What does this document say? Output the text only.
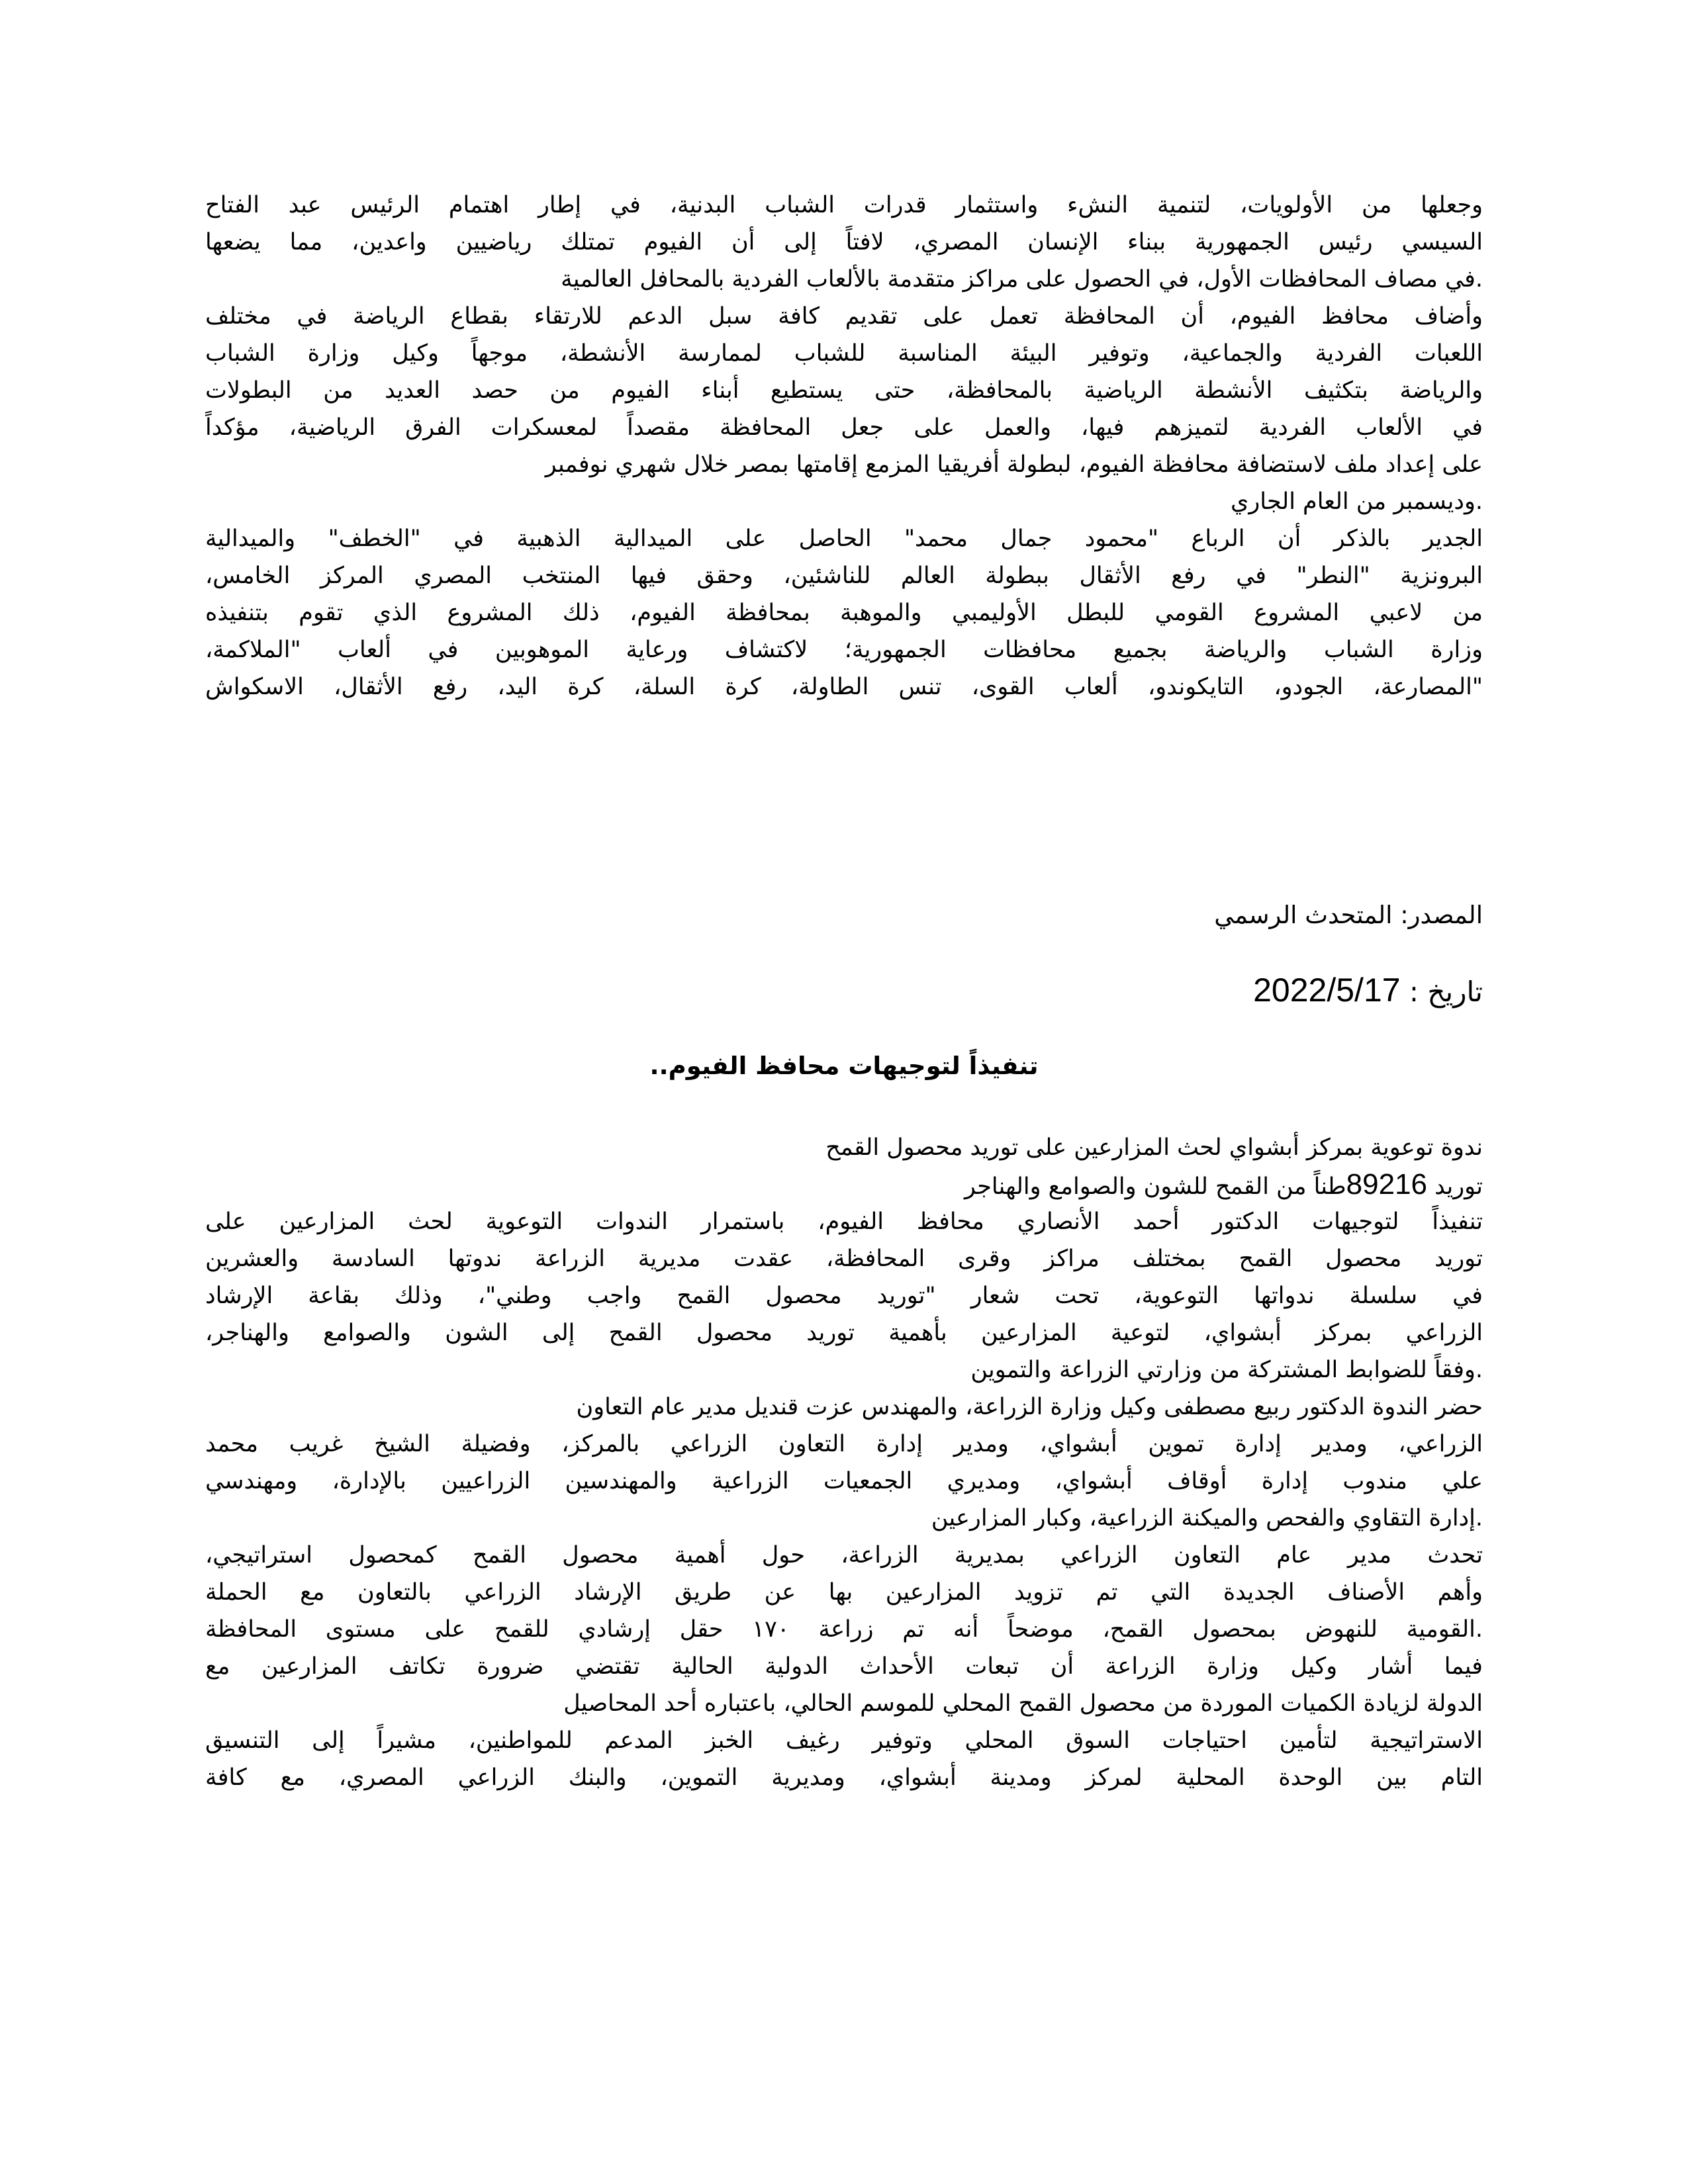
وجعلها من الأولويات، لتنمية النشء واستثمار قدرات الشباب البدنية، في إطار اهتمام الرئيس عبد الفتاح
السيسي رئيس الجمهورية ببناء الإنسان المصري، لافتاً إلى أن الفيوم تمتلك رياضيين واعدين، مما يضعها
.في مصاف المحافظات الأول، في الحصول على مراكز متقدمة بالألعاب الفردية بالمحافل العالمية
وأضاف محافظ الفيوم، أن المحافظة تعمل على تقديم كافة سبل الدعم للارتقاء بقطاع الرياضة في مختلف
اللعبات الفردية والجماعية، وتوفير البيئة المناسبة للشباب لممارسة الأنشطة، موجهاً وكيل وزارة الشباب
والرياضة بتكثيف الأنشطة الرياضية بالمحافظة، حتى يستطيع أبناء الفيوم من حصد العديد من البطولات
في الألعاب الفردية لتميزهم فيها، والعمل على جعل المحافظة مقصداً لمعسكرات الفرق الرياضية، مؤكداً
على إعداد ملف لاستضافة محافظة الفيوم، لبطولة أفريقيا المزمع إقامتها بمصر خلال شهري نوفمبر
.وديسمبر من العام الجاري
الجدير بالذكر أن الرباع "محمود جمال محمد" الحاصل على الميدالية الذهبية في "الخطف" والميدالية
البرونزية "النطر" في رفع الأثقال ببطولة العالم للناشئين، وحقق فيها المنتخب المصري المركز الخامس،
من لاعبي المشروع القومي للبطل الأوليمبي والموهبة بمحافظة الفيوم، ذلك المشروع الذي تقوم بتنفيذه
وزارة الشباب والرياضة بجميع محافظات الجمهورية؛ لاكتشاف ورعاية الموهوبين في ألعاب "الملاكمة،
"المصارعة، الجودو، التايكوندو، ألعاب القوى، تنس الطاولة، كرة السلة، كرة اليد، رفع الأثقال، الاسكواش
المصدر: المتحدث الرسمي
تاريخ : 2022/5/17
تنفيذاً لتوجيهات محافظ الفيوم..
ندوة توعوية بمركز أبشواي لحث المزارعين على توريد محصول القمح
توريد 89216طناً من القمح للشون والصوامع والهناجر
تنفيذاً لتوجيهات الدكتور أحمد الأنصاري محافظ الفيوم، باستمرار الندوات التوعوية لحث المزارعين على
توريد محصول القمح بمختلف مراكز وقرى المحافظة، عقدت مديرية الزراعة ندوتها السادسة والعشرين
في سلسلة ندواتها التوعوية، تحت شعار "توريد محصول القمح واجب وطني"، وذلك بقاعة الإرشاد
الزراعي بمركز أبشواي، لتوعية المزارعين بأهمية توريد محصول القمح إلى الشون والصوامع والهناجر،
.وفقاً للضوابط المشتركة من وزارتي الزراعة والتموين
حضر الندوة الدكتور ربيع مصطفى وكيل وزارة الزراعة، والمهندس عزت قنديل مدير عام التعاون
الزراعي، ومدير إدارة تموين أبشواي، ومدير إدارة التعاون الزراعي بالمركز، وفضيلة الشيخ غريب محمد
علي مندوب إدارة أوقاف أبشواي، ومديري الجمعيات الزراعية والمهندسين الزراعيين بالإدارة، ومهندسي
.إدارة التقاوي والفحص والميكنة الزراعية، وكبار المزارعين
تحدث مدير عام التعاون الزراعي بمديرية الزراعة، حول أهمية محصول القمح كمحصول استراتيجي،
وأهم الأصناف الجديدة التي تم تزويد المزارعين بها عن طريق الإرشاد الزراعي بالتعاون مع الحملة
.القومية للنهوض بمحصول القمح، موضحاً أنه تم زراعة ١٧٠ حقل إرشادي للقمح على مستوى المحافظة
فيما أشار وكيل وزارة الزراعة أن تبعات الأحداث الدولية الحالية تقتضي ضرورة تكاتف المزارعين مع
الدولة لزيادة الكميات الموردة من محصول القمح المحلي للموسم الحالي، باعتباره أحد المحاصيل
الاستراتيجية لتأمين احتياجات السوق المحلي وتوفير رغيف الخبز المدعم للمواطنين، مشيراً إلى التنسيق
التام بين الوحدة المحلية لمركز ومدينة أبشواي، ومديرية التموين، والبنك الزراعي المصري، مع كافة
